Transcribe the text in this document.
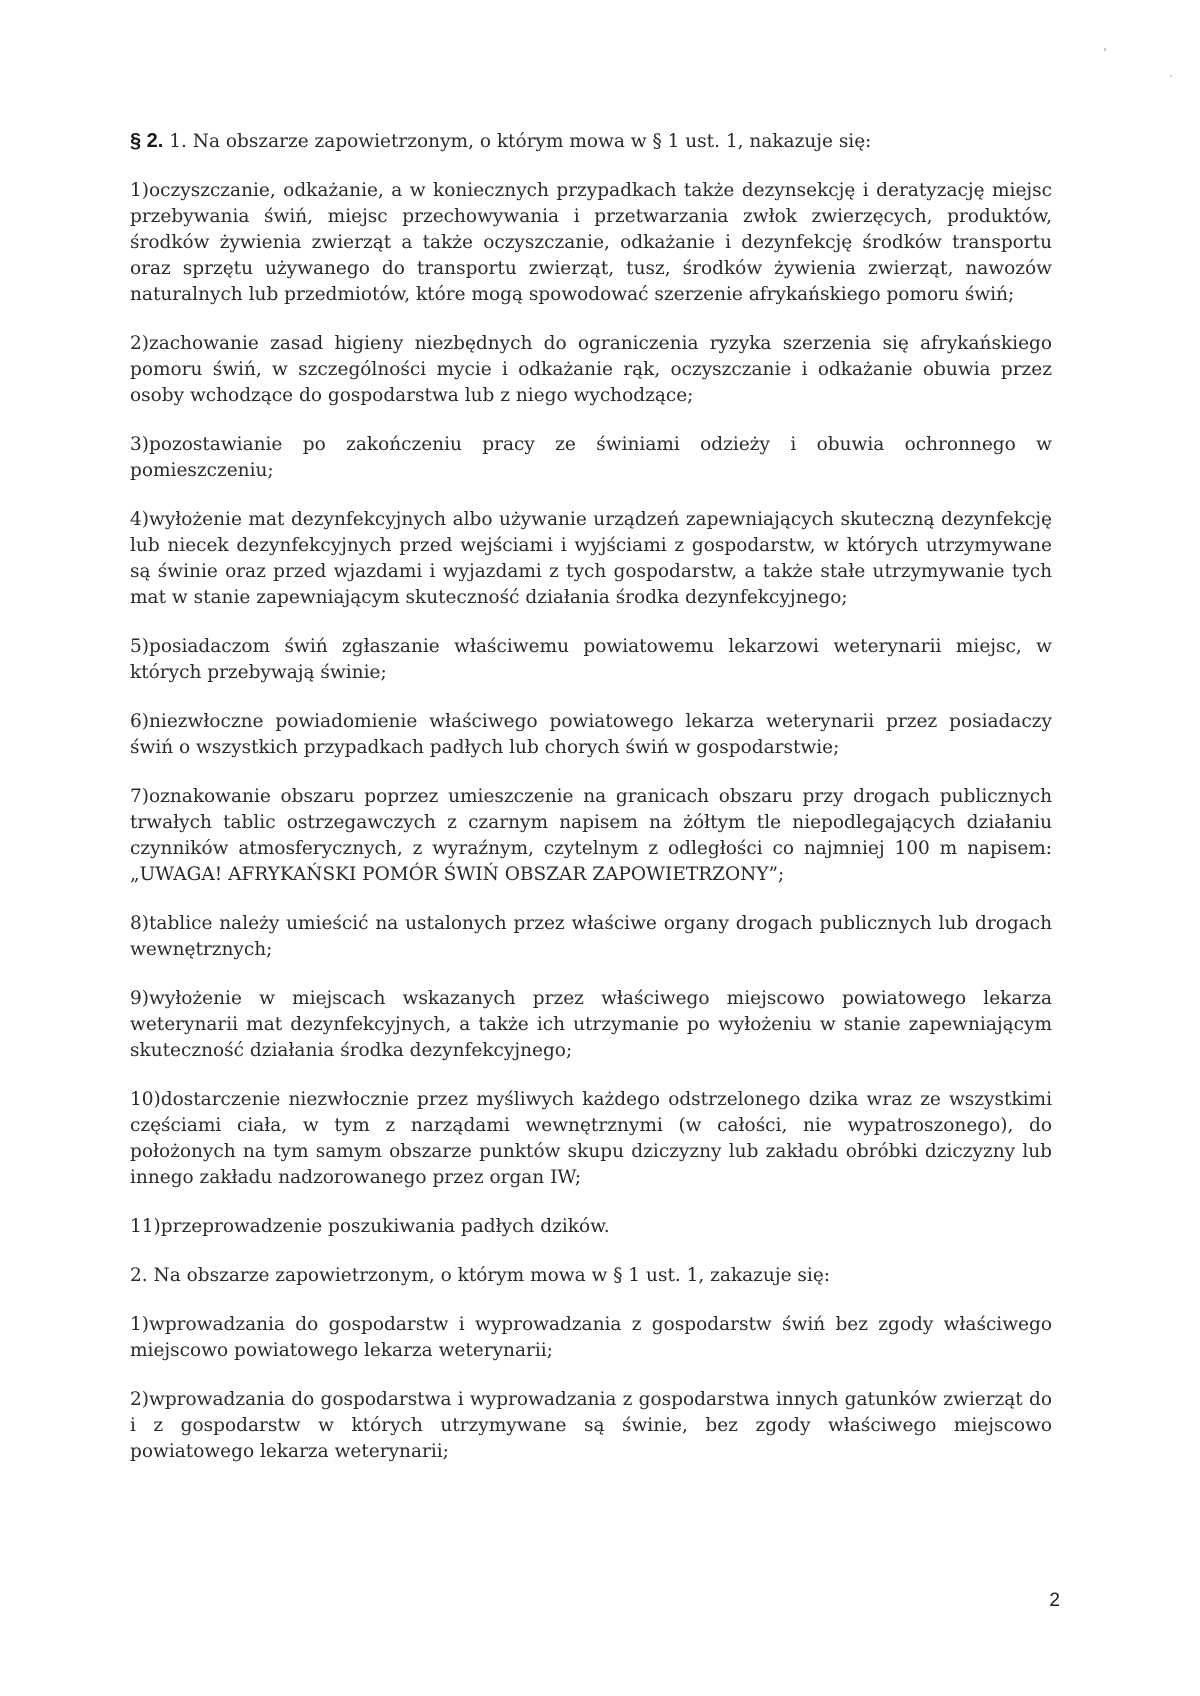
§ 2. 1. Na obszarze zapowietrzonym, o którym mowa w § 1 ust. 1, nakazuje się:

1)oczyszczanie, odkażanie, a w koniecznych przypadkach także dezynsekcję i deratyzację miejsc przebywania świń, miejsc przechowywania i przetwarzania zwłok zwierzęcych, produktów, środków żywienia zwierząt a także oczyszczanie, odkażanie i dezynfekcję środków transportu oraz sprzętu używanego do transportu zwierząt, tusz, środków żywienia zwierząt, nawozów naturalnych lub przedmiotów, które mogą spowodować szerzenie afrykańskiego pomoru świń;

2)zachowanie zasad higieny niezbędnych do ograniczenia ryzyka szerzenia się afrykańskiego pomoru świń, w szczególności mycie i odkażanie rąk, oczyszczanie i odkażanie obuwia przez osoby wchodzące do gospodarstwa lub z niego wychodzące;

3)pozostawianie po zakończeniu pracy ze świniami odzieży i obuwia ochronnego w pomieszczeniu;

4)wyłożenie mat dezynfekcyjnych albo używanie urządzeń zapewniających skuteczną dezynfekcję lub niecek dezynfekcyjnych przed wejściami i wyjściami z gospodarstw, w których utrzymywane są świnie oraz przed wjazdami i wyjazdami z tych gospodarstw, a także stałe utrzymywanie tych mat w stanie zapewniającym skuteczność działania środka dezynfekcyjnego;

5)posiadaczom świń zgłaszanie właściwemu powiatowemu lekarzowi weterynarii miejsc, w których przebywają świnie;

6)niezwłoczne powiadomienie właściwego powiatowego lekarza weterynarii przez posiadaczy świń o wszystkich przypadkach padłych lub chorych świń w gospodarstwie;

7)oznakowanie obszaru poprzez umieszczenie na granicach obszaru przy drogach publicznych trwałych tablic ostrzegawczych z czarnym napisem na żółtym tle niepodlegających działaniu czynników atmosferycznych, z wyraźnym, czytelnym z odległości co najmniej 100 m napisem: „UWAGA! AFRYKAŃSKI POMÓR ŚWIŃ OBSZAR ZAPOWIETRZONY”;

8)tablice należy umieścić na ustalonych przez właściwe organy drogach publicznych lub drogach wewnętrznych;

9)wyłożenie w miejscach wskazanych przez właściwego miejscowo powiatowego lekarza weterynarii mat dezynfekcyjnych, a także ich utrzymanie po wyłożeniu w stanie zapewniającym skuteczność działania środka dezynfekcyjnego;

10)dostarczenie niezwłocznie przez myśliwych każdego odstrzelonego dzika wraz ze wszystkimi częściami ciała, w tym z narządami wewnętrznymi (w całości, nie wypatroszonego), do położonych na tym samym obszarze punktów skupu dziczyzny lub zakładu obróbki dziczyzny lub innego zakładu nadzorowanego przez organ IW;

11)przeprowadzenie poszukiwania padłych dzików.

2. Na obszarze zapowietrzonym, o którym mowa w § 1 ust. 1, zakazuje się:

1)wprowadzania do gospodarstw i wyprowadzania z gospodarstw świń bez zgody właściwego miejscowo powiatowego lekarza weterynarii;

2)wprowadzania do gospodarstwa i wyprowadzania z gospodarstwa innych gatunków zwierząt do i z gospodarstw w których utrzymywane są świnie, bez zgody właściwego miejscowo powiatowego lekarza weterynarii;

2
